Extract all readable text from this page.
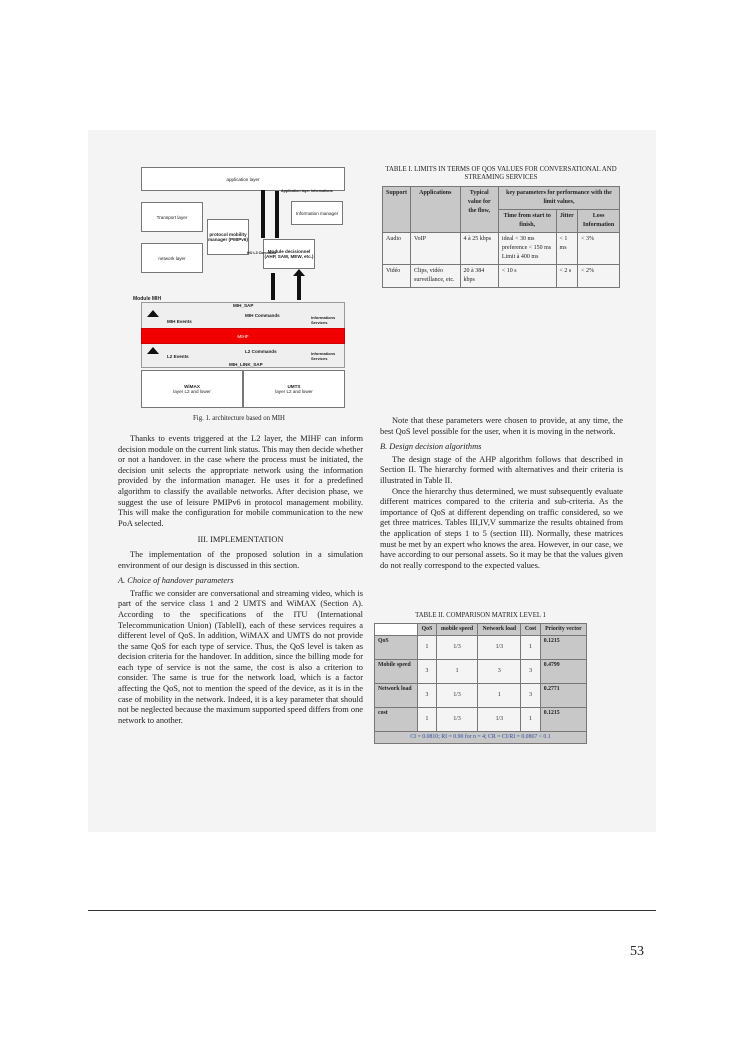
application layer
Transport layer
network layer
protocol mobility manager (PMIPv6)
Information manager
Module decisionnel (AHP, SAW, MEW, etc.)
Application layer informations
HO L3 Command
Module MIH
MIH_SAP
MIH Events
MIH Commands	Informations Services
MIHF
L2 Events
L2 Commands	Informations Services
MIH_LINK_SAP
WiMAX
layer L2 and lower
UMTS
layer L2 and lower
Fig. 1. architecture based on MIH

Thanks to events triggered at the L2 layer, the MIHF can inform decision module on the current link status. This may then decide whether or not a handover. in the case where the process must be initiated, the decision unit selects the appropriate network using the information provided by the information manager. He uses it for a predefined algorithm to classify the available networks. After decision phase, we suggest the use of leisure PMIPv6 in protocol management mobility. This will make the configuration for mobile communication to the new PoA selected.

III. IMPLEMENTATION

The implementation of the proposed solution in a simulation environment of our design is discussed in this section.

A. Choice of handover parameters

Traffic we consider are conversational and streaming video, which is part of the service class 1 and 2 UMTS and WiMAX (Section A). According to the specifications of the ITU (International Telecommunication Union) (TableII), each of these services requires a different level of QoS. In addition, WiMAX and UMTS do not provide the same QoS for each type of service. Thus, the QoS level is taken as decision criteria for the handover. In addition, since the billing mode for each type of service is not the same, the cost is also a criterion to consider. The same is true for the network load, which is a factor affecting the QoS, not to mention the speed of the device, as it is in the case of mobility in the network. Indeed, it is a key parameter that should not be neglected because the maximum supported speed differs from one network to another.

TABLE I. LIMITS IN TERMS OF QOS VALUES FOR CONVERSATIONAL AND STREAMING SERVICES
Support	Applications	Typical value for the flow,	key parameters for performance with the limit values,		
			Time from start to finish,	Jitter	Loss Information
Audio	VoIP	4 à 25 kbps	ideal < 30 ms preference < 150 ms Limit à 400 ms	< 1 ms	< 3%
Vidéo	Clips, vidéo surveillance, etc.	20 à 384 kbps	< 10 s	< 2 s	< 2%

Note that these parameters were chosen to provide, at any time, the best QoS level possible for the user, when it is moving in the network.

B. Design decision algorithms

The design stage of the AHP algorithm follows that described in Section II. The hierarchy formed with alternatives and their criteria is illustrated in Table II.

Once the hierarchy thus determined, we must subsequently evaluate different matrices compared to the criteria and sub-criteria. As the importance of QoS at different depending on traffic considered, so we get three matrices. Tables III,IV,V summarize the results obtained from the application of steps 1 to 5 (section III). Normally, these matrices must be met by an expert who knows the area. However, in our case, we have according to our personal assets. So it may be that the values given do not really correspond to the expected values.

TABLE II. COMPARISON MATRIX LEVEL 1
	QoS	mobile speed	Network load	Cost	Priority vector
QoS	1	1/3	1/3	1	0.1215
Mobile speed	3	1	3	3	0.4799
Network load	3	1/3	1	3	0.2771
cost	1	1/3	1/3	1	0.1215
CI = 0.0810; RI = 0.90 for n = 4; CR = CI/RI = 0.0867 < 0.1					
53
